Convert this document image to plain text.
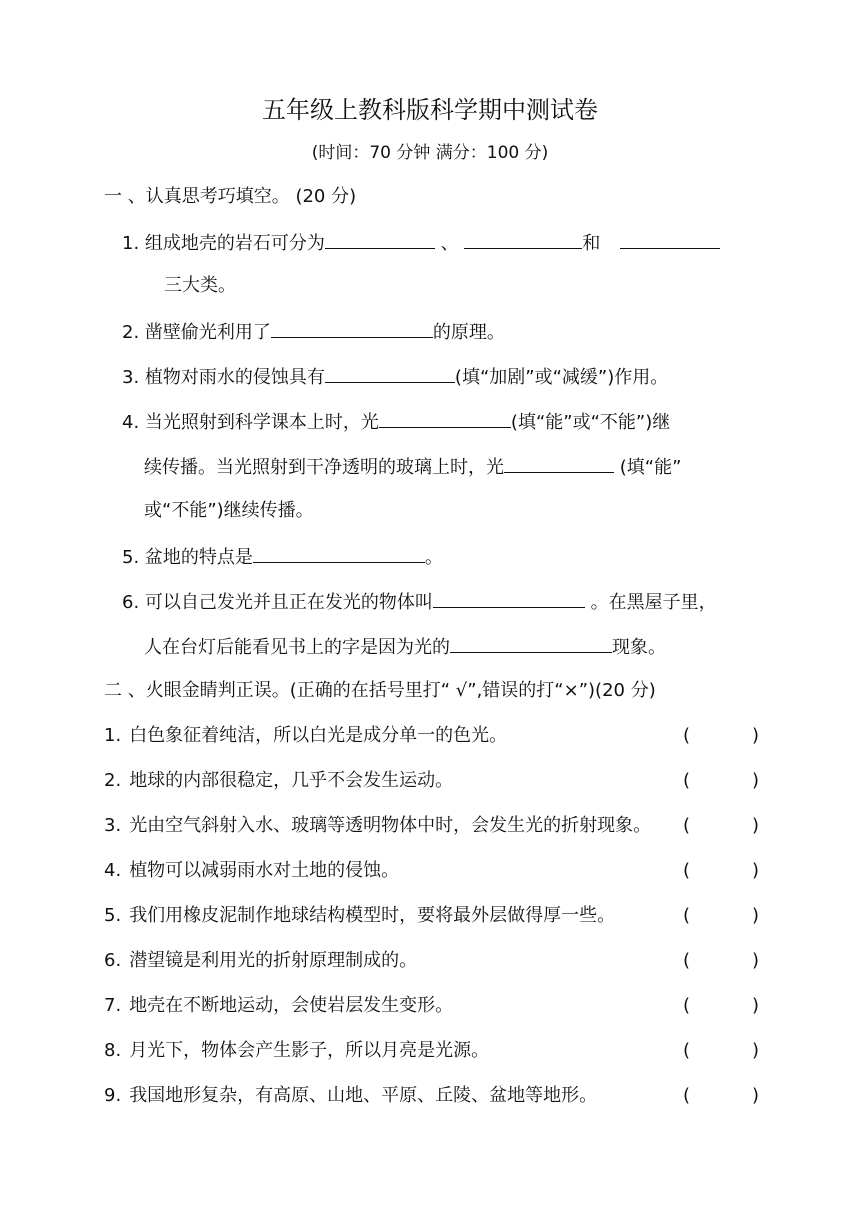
五年级上教科版科学期中测试卷
(时间：70 分钟 满分：100 分)
一 、认真思考巧填空。 (20 分)
1. 组成地壳的岩石可分为	、	和
三大类。
2. 凿壁偷光利用了	的原理。
3. 植物对雨水的侵蚀具有	(填“加剧”或“减缓”)作用。
4. 当光照射到科学课本上时，光	(填“能”或“不能”)继
续传播。当光照射到干净透明的玻璃上时，光	(填“能”
或“不能”)继续传播。
5. 盆地的特点是	。
6. 可以自己发光并且正在发光的物体叫	。在黑屋子里，
人在台灯后能看见书上的字是因为光的	现象。
二 、火眼金睛判正误。(正确的在括号里打“ √”,错误的打“×”)(20 分)
1. 白色象征着纯洁，所以白光是成分单一的色光。	(	)
2. 地球的内部很稳定，几乎不会发生运动。	(	)
3. 光由空气斜射入水、玻璃等透明物体中时，会发生光的折射现象。 (	)
4. 植物可以减弱雨水对土地的侵蚀。	(	)
5. 我们用橡皮泥制作地球结构模型时，要将最外层做得厚一些。	(	)
6. 潜望镜是利用光的折射原理制成的。	(	)
7. 地壳在不断地运动，会使岩层发生变形。	(	)
8. 月光下，物体会产生影子，所以月亮是光源。	(	)
9. 我国地形复杂，有高原、山地、平原、丘陵、盆地等地形。	(	)
